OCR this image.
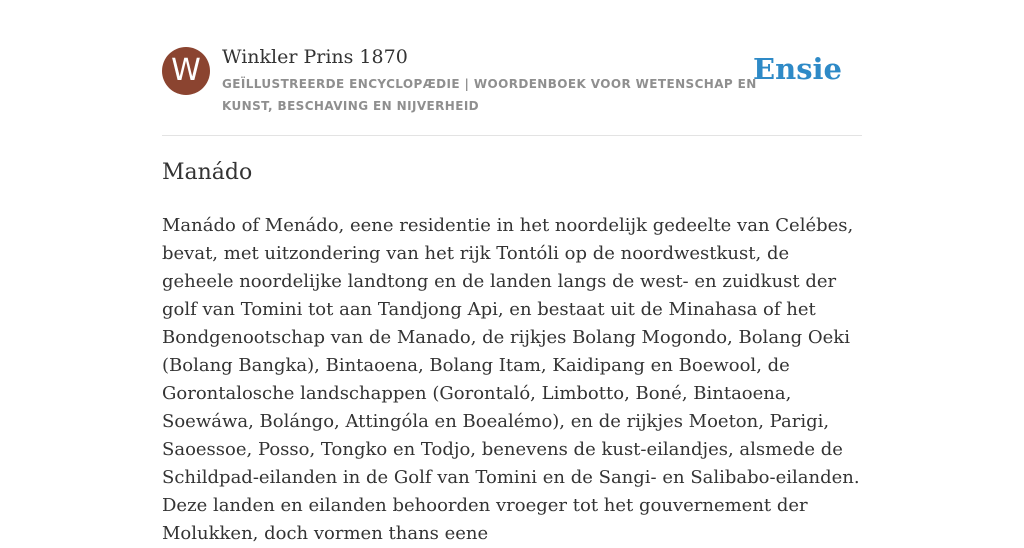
W	Winkler Prins 1870
GEÏLLUSTREERDE ENCYCLOPÆDIE | WOORDENBOEK VOOR WETENSCHAP EN KUNST, BESCHAVING EN NIJVERHEID
Ensie
Manádo

Manádo of Menádo, eene residentie in het noordelijk gedeelte van Celébes, bevat, met uitzondering van het rijk Tontóli op de noordwestkust, de geheele noordelijke landtong en de landen langs de west- en zuidkust der golf van Tomini tot aan Tandjong Api, en bestaat uit de Minahasa of het Bondgenootschap van de Manado, de rijkjes Bolang Mogondo, Bolang Oeki (Bolang Bangka), Bintaoena, Bolang Itam, Kaidipang en Boewool, de Gorontalosche landschappen (Gorontaló, Limbotto, Boné, Bintaoena, Soewáwa, Bolángo, Attingóla en Boealémo), en de rijkjes Moeton, Parigi, Saoessoe, Posso, Tongko en Todjo, benevens de kust-eilandjes, alsmede de Schildpad-eilanden in de Golf van Tomini en de Sangi- en Salibabo-eilanden. Deze landen en eilanden behoorden vroeger tot het gouvernement der Molukken, doch vormen thans eene
